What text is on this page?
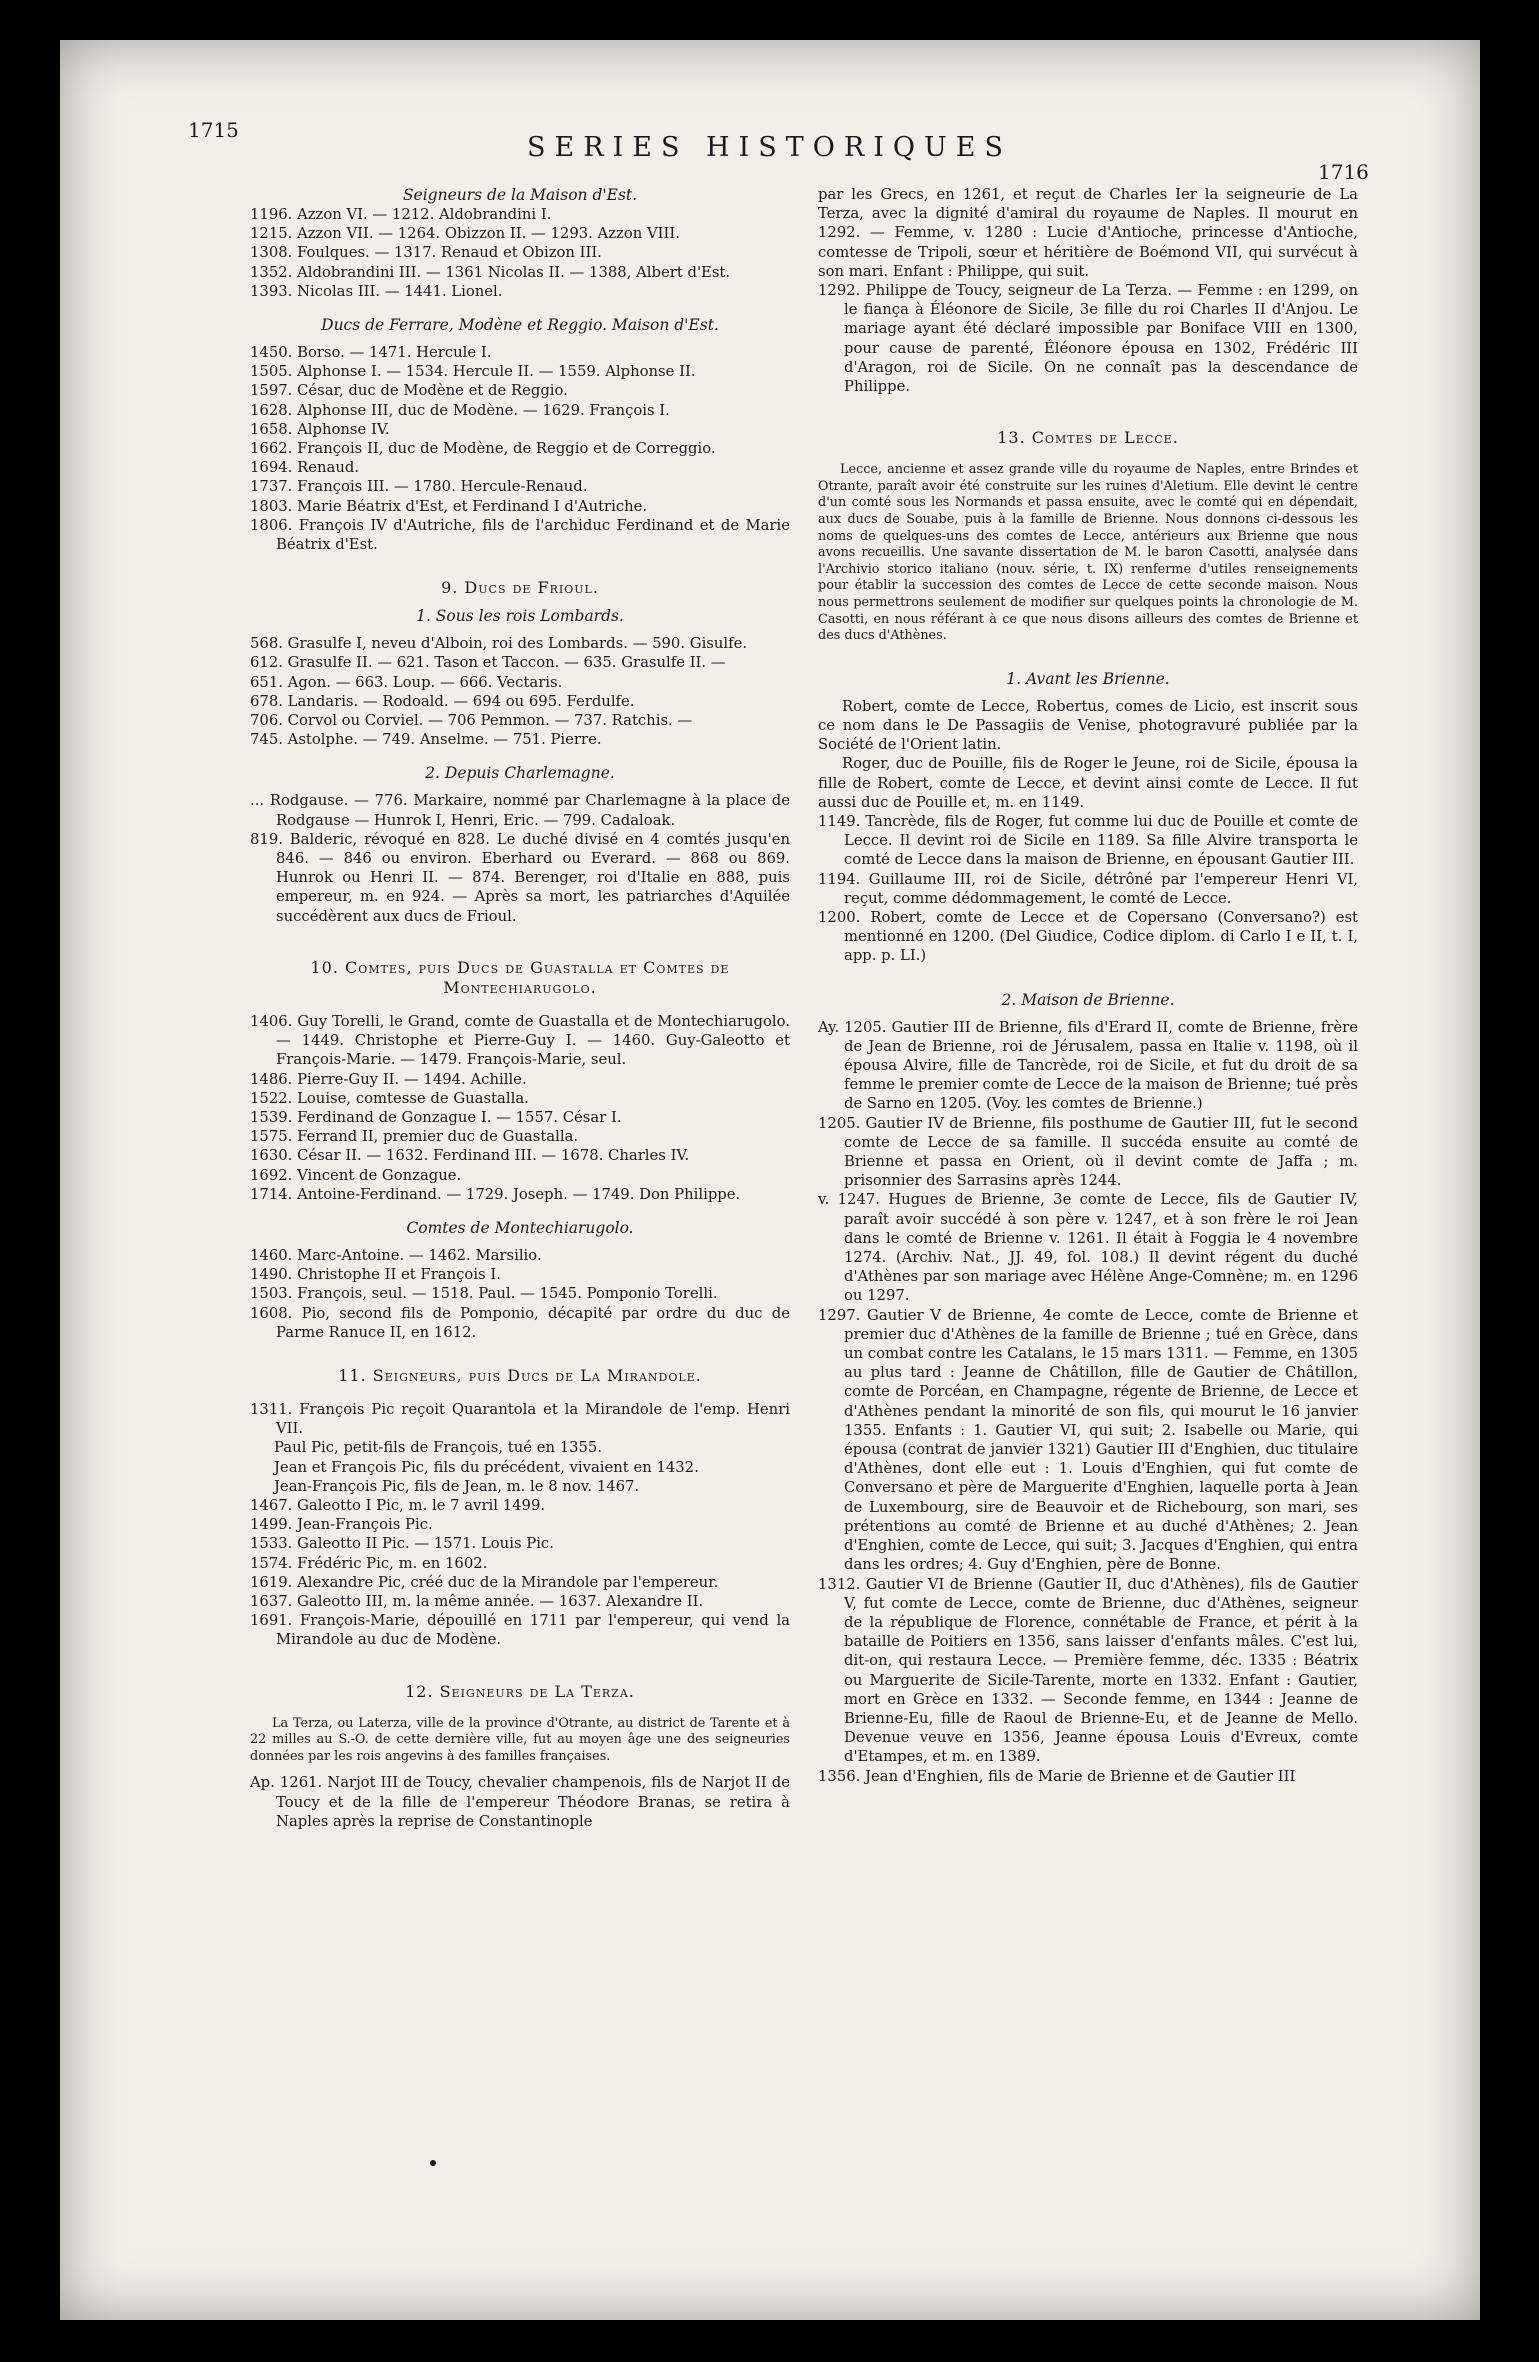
1715
SERIES HISTORIQUES
1716

Seigneurs de la Maison d'Est.

1196. Azzon VI. — 1212. Aldobrandini I.

1215. Azzon VII. — 1264. Obizzon II. — 1293. Azzon VIII.

1308. Foulques. — 1317. Renaud et Obizon III.

1352. Aldobrandini III. — 1361 Nicolas II. — 1388, Albert d'Est.

1393. Nicolas III. — 1441. Lionel.

Ducs de Ferrare, Modène et Reggio. Maison d'Est.

1450. Borso. — 1471. Hercule I.

1505. Alphonse I. — 1534. Hercule II. — 1559. Alphonse II.

1597. César, duc de Modène et de Reggio.

1628. Alphonse III, duc de Modène. — 1629. François I.

1658. Alphonse IV.

1662. François II, duc de Modène, de Reggio et de Correggio.

1694. Renaud.

1737. François III. — 1780. Hercule-Renaud.

1803. Marie Béatrix d'Est, et Ferdinand I d'Autriche.

1806. François IV d'Autriche, fils de l'archiduc Ferdinand et de Marie Béatrix d'Est.

9. Ducs de Frioul.

1. Sous les rois Lombards.

568. Grasulfe I, neveu d'Alboin, roi des Lombards. — 590. Gisulfe.

612. Grasulfe II. — 621. Tason et Taccon. — 635. Grasulfe II. —

651. Agon. — 663. Loup. — 666. Vectaris.

678. Landaris. — Rodoald. — 694 ou 695. Ferdulfe.

706. Corvol ou Corviel. — 706 Pemmon. — 737. Ratchis. —

745. Astolphe. — 749. Anselme. — 751. Pierre.

2. Depuis Charlemagne.

... Rodgause. — 776. Markaire, nommé par Charlemagne à la place de Rodgause — Hunrok I, Henri, Eric. — 799. Cadaloak.

819. Balderic, révoqué en 828. Le duché divisé en 4 comtés jusqu'en 846. — 846 ou environ. Eberhard ou Everard. — 868 ou 869. Hunrok ou Henri II. — 874. Berenger, roi d'Italie en 888, puis empereur, m. en 924. — Après sa mort, les patriarches d'Aquilée succédèrent aux ducs de Frioul.

10. Comtes, puis Ducs de Guastalla et Comtes de Montechiarugolo.

1406. Guy Torelli, le Grand, comte de Guastalla et de Montechiarugolo. — 1449. Christophe et Pierre-Guy I. — 1460. Guy-Galeotto et François-Marie. — 1479. François-Marie, seul.

1486. Pierre-Guy II. — 1494. Achille.

1522. Louise, comtesse de Guastalla.

1539. Ferdinand de Gonzague I. — 1557. César I.

1575. Ferrand II, premier duc de Guastalla.

1630. César II. — 1632. Ferdinand III. — 1678. Charles IV.

1692. Vincent de Gonzague.

1714. Antoine-Ferdinand. — 1729. Joseph. — 1749. Don Philippe.

Comtes de Montechiarugolo.

1460. Marc-Antoine. — 1462. Marsilio.

1490. Christophe II et François I.

1503. François, seul. — 1518. Paul. — 1545. Pomponio Torelli.

1608. Pio, second fils de Pomponio, décapité par ordre du duc de Parme Ranuce II, en 1612.

11. Seigneurs, puis Ducs de La Mirandole.

1311. François Pic reçoit Quarantola et la Mirandole de l'emp. Henri VII.

Paul Pic, petit-fils de François, tué en 1355.

Jean et François Pic, fils du précédent, vivaient en 1432.

Jean-François Pic, fils de Jean, m. le 8 nov. 1467.

1467. Galeotto I Pic, m. le 7 avril 1499.

1499. Jean-François Pic.

1533. Galeotto II Pic. — 1571. Louis Pic.

1574. Frédéric Pic, m. en 1602.

1619. Alexandre Pic, créé duc de la Mirandole par l'empereur.

1637. Galeotto III, m. la même année. — 1637. Alexandre II.

1691. François-Marie, dépouillé en 1711 par l'empereur, qui vend la Mirandole au duc de Modène.

12. Seigneurs de La Terza.

La Terza, ou Laterza, ville de la province d'Otrante, au district de Tarente et à 22 milles au S.-O. de cette dernière ville, fut au moyen âge une des seigneuries données par les rois angevins à des familles françaises.

Ap. 1261. Narjot III de Toucy, chevalier champenois, fils de Narjot II de Toucy et de la fille de l'empereur Théodore Branas, se retira à Naples après la reprise de Constantinople

par les Grecs, en 1261, et reçut de Charles Ier la seigneurie de La Terza, avec la dignité d'amiral du royaume de Naples. Il mourut en 1292. — Femme, v. 1280 : Lucie d'Antioche, princesse d'Antioche, comtesse de Tripoli, sœur et héritière de Boémond VII, qui survécut à son mari. Enfant : Philippe, qui suit.

1292. Philippe de Toucy, seigneur de La Terza. — Femme : en 1299, on le fiança à Éléonore de Sicile, 3e fille du roi Charles II d'Anjou. Le mariage ayant été déclaré impossible par Boniface VIII en 1300, pour cause de parenté, Éléonore épousa en 1302, Frédéric III d'Aragon, roi de Sicile. On ne connaît pas la descendance de Philippe.

13. Comtes de Lecce.

Lecce, ancienne et assez grande ville du royaume de Naples, entre Brindes et Otrante, paraît avoir été construite sur les ruines d'Aletium. Elle devint le centre d'un comté sous les Normands et passa ensuite, avec le comté qui en dépendait, aux ducs de Souabe, puis à la famille de Brienne. Nous donnons ci-dessous les noms de quelques-uns des comtes de Lecce, antérieurs aux Brienne que nous avons recueillis. Une savante dissertation de M. le baron Casotti, analysée dans l'Archivio storico italiano (nouv. série, t. IX) renferme d'utiles renseignements pour établir la succession des comtes de Lecce de cette seconde maison. Nous nous permettrons seulement de modifier sur quelques points la chronologie de M. Casotti, en nous référant à ce que nous disons ailleurs des comtes de Brienne et des ducs d'Athènes.

1. Avant les Brienne.

Robert, comte de Lecce, Robertus, comes de Licio, est inscrit sous ce nom dans le De Passagiis de Venise, photogravuré publiée par la Société de l'Orient latin.

Roger, duc de Pouille, fils de Roger le Jeune, roi de Sicile, épousa la fille de Robert, comte de Lecce, et devint ainsi comte de Lecce. Il fut aussi duc de Pouille et, m. en 1149.

1149. Tancrède, fils de Roger, fut comme lui duc de Pouille et comte de Lecce. Il devint roi de Sicile en 1189. Sa fille Alvire transporta le comté de Lecce dans la maison de Brienne, en épousant Gautier III.

1194. Guillaume III, roi de Sicile, détrôné par l'empereur Henri VI, reçut, comme dédommagement, le comté de Lecce.

1200. Robert, comte de Lecce et de Copersano (Conversano?) est mentionné en 1200. (Del Giudice, Codice diplom. di Carlo I e II, t. I, app. p. LI.)

2. Maison de Brienne.

Ay. 1205. Gautier III de Brienne, fils d'Erard II, comte de Brienne, frère de Jean de Brienne, roi de Jérusalem, passa en Italie v. 1198, où il épousa Alvire, fille de Tancrède, roi de Sicile, et fut du droit de sa femme le premier comte de Lecce de la maison de Brienne; tué près de Sarno en 1205. (Voy. les comtes de Brienne.)

1205. Gautier IV de Brienne, fils posthume de Gautier III, fut le second comte de Lecce de sa famille. Il succéda ensuite au comté de Brienne et passa en Orient, où il devint comte de Jaffa ; m. prisonnier des Sarrasins après 1244.

v. 1247. Hugues de Brienne, 3e comte de Lecce, fils de Gautier IV, paraît avoir succédé à son père v. 1247, et à son frère le roi Jean dans le comté de Brienne v. 1261. Il était à Foggia le 4 novembre 1274. (Archiv. Nat., JJ. 49, fol. 108.) Il devint régent du duché d'Athènes par son mariage avec Hélène Ange-Comnène; m. en 1296 ou 1297.

1297. Gautier V de Brienne, 4e comte de Lecce, comte de Brienne et premier duc d'Athènes de la famille de Brienne ; tué en Grèce, dans un combat contre les Catalans, le 15 mars 1311. — Femme, en 1305 au plus tard : Jeanne de Châtillon, fille de Gautier de Châtillon, comte de Porcéan, en Champagne, régente de Brienne, de Lecce et d'Athènes pendant la minorité de son fils, qui mourut le 16 janvier 1355. Enfants : 1. Gautier VI, qui suit; 2. Isabelle ou Marie, qui épousa (contrat de janvier 1321) Gautier III d'Enghien, duc titulaire d'Athènes, dont elle eut : 1. Louis d'Enghien, qui fut comte de Conversano et père de Marguerite d'Enghien, laquelle porta à Jean de Luxembourg, sire de Beauvoir et de Richebourg, son mari, ses prétentions au comté de Brienne et au duché d'Athènes; 2. Jean d'Enghien, comte de Lecce, qui suit; 3. Jacques d'Enghien, qui entra dans les ordres; 4. Guy d'Enghien, père de Bonne.

1312. Gautier VI de Brienne (Gautier II, duc d'Athènes), fils de Gautier V, fut comte de Lecce, comte de Brienne, duc d'Athènes, seigneur de la république de Florence, connétable de France, et périt à la bataille de Poitiers en 1356, sans laisser d'enfants mâles. C'est lui, dit-on, qui restaura Lecce. — Première femme, déc. 1335 : Béatrix ou Marguerite de Sicile-Tarente, morte en 1332. Enfant : Gautier, mort en Grèce en 1332. — Seconde femme, en 1344 : Jeanne de Brienne-Eu, fille de Raoul de Brienne-Eu, et de Jeanne de Mello. Devenue veuve en 1356, Jeanne épousa Louis d'Evreux, comte d'Etampes, et m. en 1389.

1356. Jean d'Enghien, fils de Marie de Brienne et de Gautier III
